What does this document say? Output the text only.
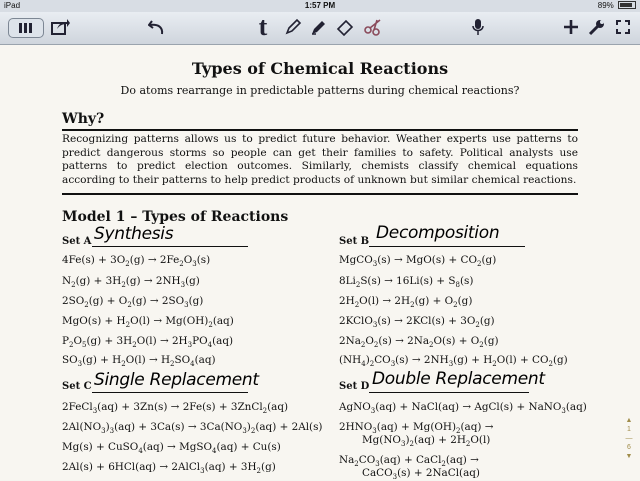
iPad	1:57 PM	89%
t
Types of Chemical Reactions
Do atoms rearrange in predictable patterns during chemical reactions?
Why?
Recognizing patterns allows us to predict future behavior. Weather experts use patterns to predict dangerous storms so people can get their families to safety. Political analysts use patterns to predict election outcomes. Similarly, chemists classify chemical equations according to their patterns to help predict products of unknown but similar chemical reactions.
Model 1 – Types of Reactions
Set A Synthesis
$4Fe(s) + 3O_2(g) \to 2Fe_2O_3(s)$
$N_2(g) + 3H_2(g) \to 2NH_3(g)$
$2SO_2(g) + O_2(g) \to 2SO_3(g)$
$MgO(s) + H_2O(l) \to Mg(OH)_2(aq)$
$P_2O_5(g) + 3H_2O(l) \to 2H_3PO_4(aq)$
$SO_3(g) + H_2O(l) \to H_2SO_4(aq)$
Set B Decomposition
MgCO$_3$(s) → $MgO(s) + CO_2(g)$
$8Li_2S(s) \to 16Li(s) + S_8(s)$
$2H_2O(l) \to 2H_2(g) + O_2(g)$
2KClO$_3$(s) → $2KCl(s) + 3O_2(g)$
$2Na_2O_2(s) \to 2Na_2O(s) + O_2(g)$
$(NH_4)_2CO_3(s) \to 2NH_3(g) + H_2O(l) + CO_2(g)$
Set C Single Replacement
2FeCl$_3$(aq) + 3Zn(s) → 2Fe(s) + 3ZnCl$_2$(aq)
$2Al(NO_3)_3(aq) + 3Ca(s) \to 3Ca(NO_3)_2(aq) + 2Al(s)$
Mg(s) + CuSO$_4$(aq) → MgSO$_4$(aq) + Cu(s)
2Al(s) + 6HCl(aq) → 2AlCl$_3$(aq) + $3H_2(g)$
Set D Double Replacement
AgNO$_3$(aq) + NaCl(aq) → AgCl(s) + NaNO$_3$(aq)
$2HNO_3(aq) + Mg(OH)_2(aq)$ →
$Mg(NO_3)_2(aq) + 2H_2O(l)$
$Na_2CO_3(aq)$ + CaCl$_2$(aq) →
CaCO$_3$(s) + 2NaCl(aq)
▲
1
—
6
▼
